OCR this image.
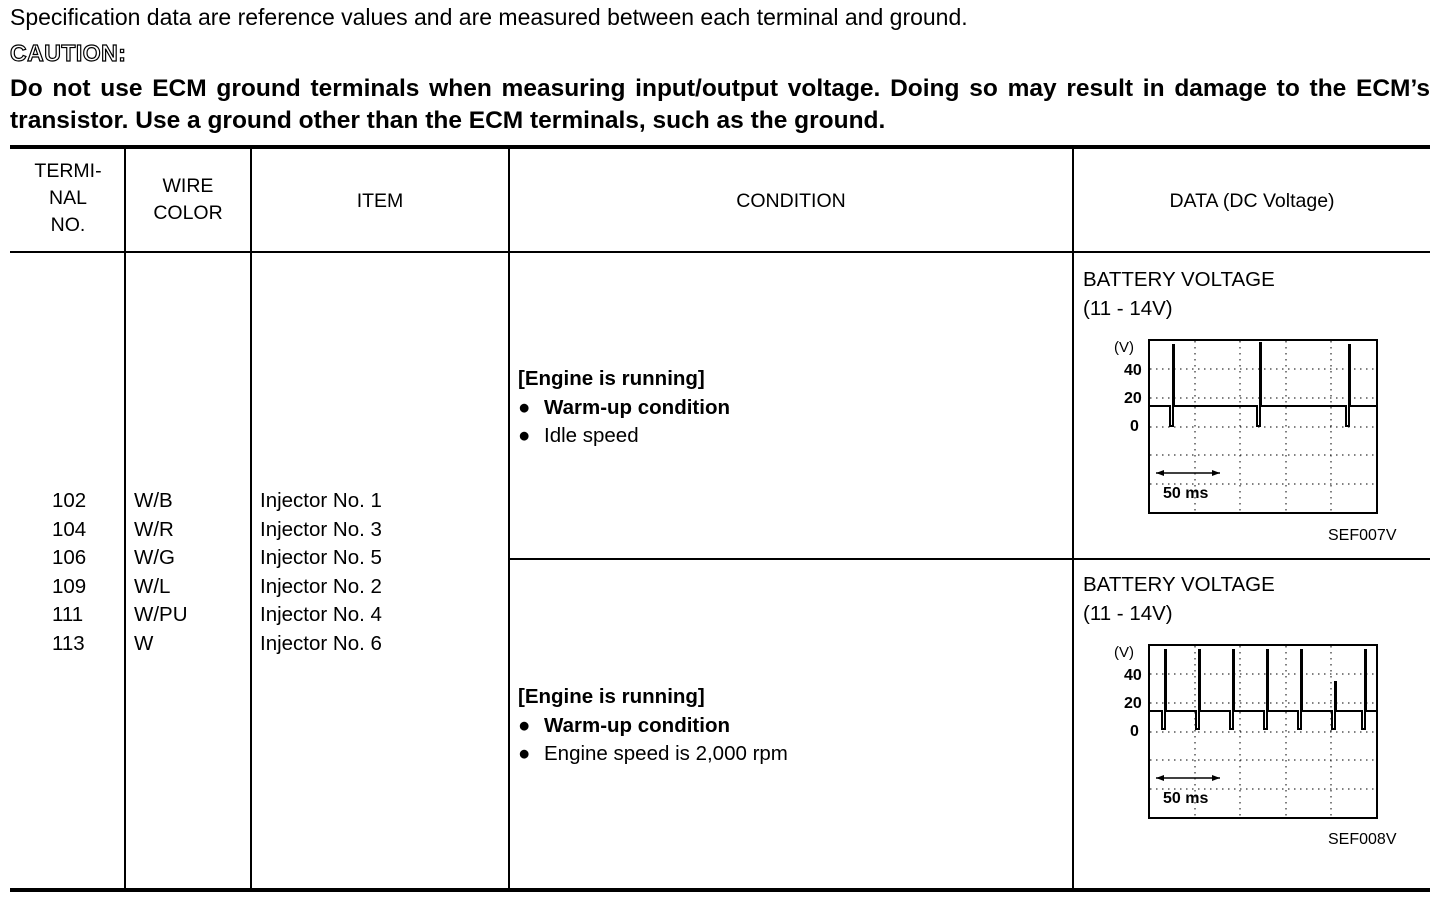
Specification data are reference values and are measured between each terminal and ground.
CAUTION:
Do not use ECM ground terminals when measuring input/output voltage. Doing so may result in damage to the ECM’s transistor. Use a ground other than the ECM terminals, such as the ground.
TERMI-
NAL
NO.
WIRE
COLOR
ITEM	CONDITION	DATA (DC Voltage)
102
104
106
109
111
113
W/B
W/R
W/G
W/L
W/PU
W
Injector No. 1
Injector No. 3
Injector No. 5
Injector No. 2
Injector No. 4
Injector No. 6
[Engine is running]
● Warm-up condition
● Idle speed
[Engine is running]
● Warm-up condition
● Engine speed is 2,000 rpm
BATTERY VOLTAGE
(11 - 14V)
(V)
40
20
0
50 ms
SEF007V
BATTERY VOLTAGE
(11 - 14V)
(V)
40
20
0
50 ms
SEF008V
